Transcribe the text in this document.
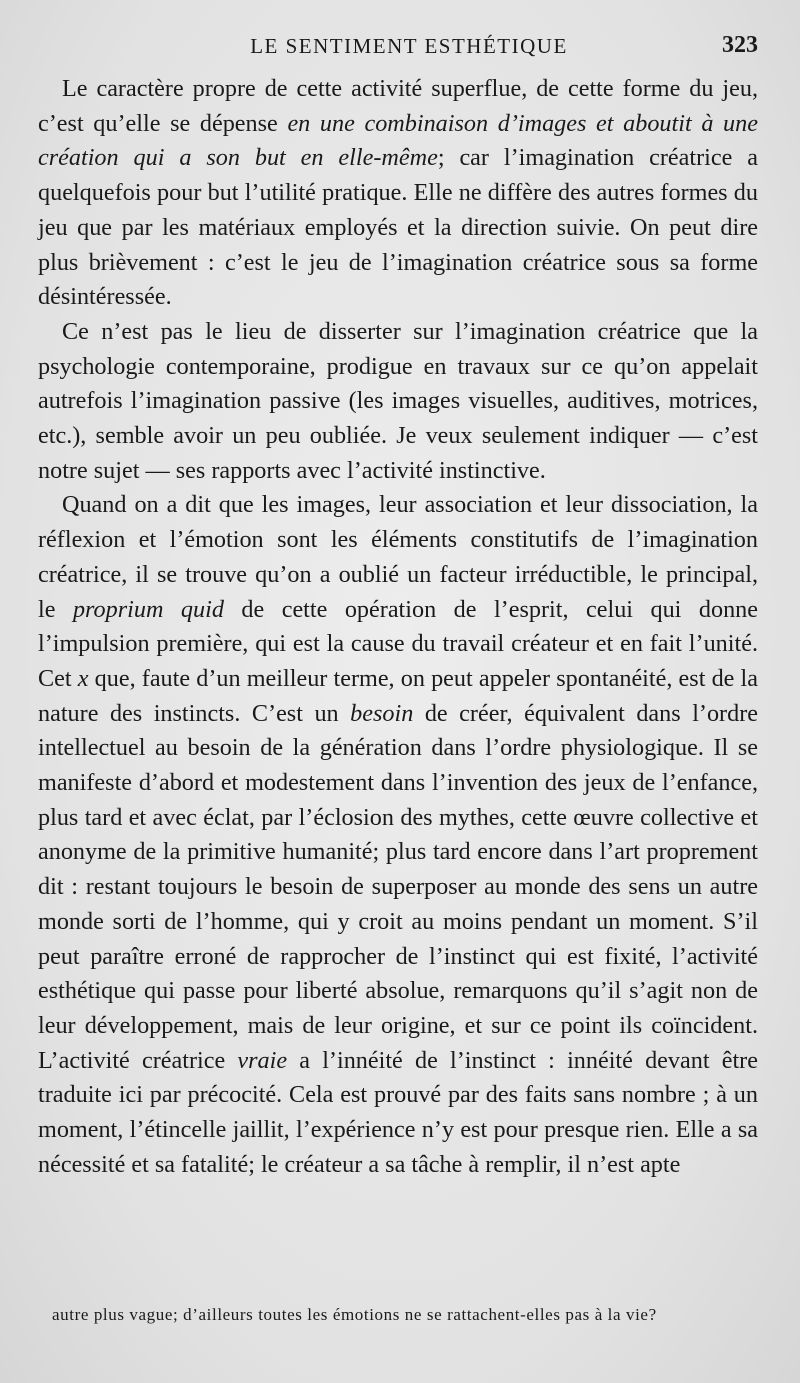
LE SENTIMENT ESTHÉTIQUE	323

Le caractère propre de cette activité superflue, de cette forme du jeu, c’est qu’elle se dépense en une combinaison d’images et aboutit à une création qui a son but en elle-même; car l’imagination créatrice a quelquefois pour but l’utilité pratique. Elle ne diffère des autres formes du jeu que par les matériaux employés et la direction suivie. On peut dire plus brièvement : c’est le jeu de l’imagination créatrice sous sa forme désintéressée.

Ce n’est pas le lieu de disserter sur l’imagination créatrice que la psychologie contemporaine, prodigue en travaux sur ce qu’on appelait autrefois l’imagination passive (les images visuelles, auditives, motrices, etc.), semble avoir un peu oubliée. Je veux seulement indiquer — c’est notre sujet — ses rapports avec l’activité instinctive.

Quand on a dit que les images, leur association et leur dissociation, la réflexion et l’émotion sont les éléments constitutifs de l’imagination créatrice, il se trouve qu’on a oublié un facteur irréductible, le principal, le proprium quid de cette opération de l’esprit, celui qui donne l’impulsion première, qui est la cause du travail créateur et en fait l’unité. Cet x que, faute d’un meilleur terme, on peut appeler spontanéité, est de la nature des instincts. C’est un besoin de créer, équivalent dans l’ordre intellectuel au besoin de la génération dans l’ordre physiologique. Il se manifeste d’abord et modestement dans l’invention des jeux de l’enfance, plus tard et avec éclat, par l’éclosion des mythes, cette œuvre collective et anonyme de la primitive humanité; plus tard encore dans l’art proprement dit : restant toujours le besoin de superposer au monde des sens un autre monde sorti de l’homme, qui y croit au moins pendant un moment. S’il peut paraître erroné de rapprocher de l’instinct qui est fixité, l’activité esthétique qui passe pour liberté absolue, remarquons qu’il s’agit non de leur développement, mais de leur origine, et sur ce point ils coïncident. L’activité créatrice vraie a l’innéité de l’instinct : innéité devant être traduite ici par précocité. Cela est prouvé par des faits sans nombre ; à un moment, l’étincelle jaillit, l’expérience n’y est pour presque rien. Elle a sa nécessité et sa fatalité; le créateur a sa tâche à remplir, il n’est apte

autre plus vague; d’ailleurs toutes les émotions ne se rattachent-elles pas à la vie?
